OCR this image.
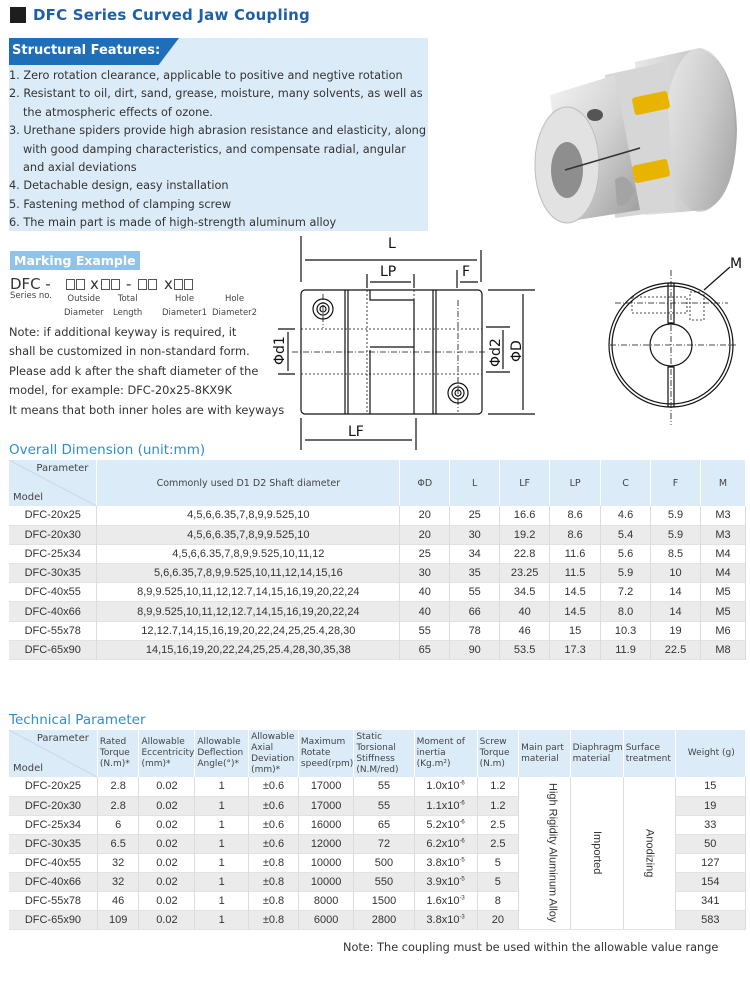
DFC Series Curved Jaw Coupling
Structural Features:
1. Zero rotation clearance, applicable to positive and negtive rotation
2. Resistant to oil, dirt, sand, grease, moisture, many solvents, as well as the atmospheric effects of ozone.
3. Urethane spiders provide high abrasion resistance and elasticity, along with good damping characteristics, and compensate radial, angular and axial deviations
4. Detachable design, easy installation
5. Fastening method of clamping screw
6. The main part is made of high-strength aluminum alloy
Marking Example
DFC -	x - x
Series no.	Outside
Diameter
Total
Length
Hole
Diameter1
Hole
Diameter2
Note: if additional keyway is required, it
shall be customized in non-standard form.
Please add k after the shaft diameter of the
model, for example: DFC-20x25-8KX9K
It means that both inner holes are with keyways
L
LP	F
LF
M
Φd1	Φd2 ΦD
Overall Dimension (unit:mm)
Parameter
Model	Commonly used D1 D2 Shaft diameter	ΦD	L	LF	LP	C	F	M
DFC-20x25	4,5,6,6.35,7,8,9,9.525,10	20	25	16.6	8.6	4.6	5.9	M3
DFC-20x30	4,5,6,6.35,7,8,9,9.525,10	20	30	19.2	8.6	5.4	5.9	M3
DFC-25x34	4,5,6,6.35,7,8,9,9.525,10,11,12	25	34	22.8	11.6	5.6	8.5	M4
DFC-30x35	5,6,6.35,7,8,9,9.525,10,11,12,14,15,16	30	35	23.25	11.5	5.9	10	M4
DFC-40x55	8,9,9.525,10,11,12,12.7,14,15,16,19,20,22,24	40	55	34.5	14.5	7.2	14	M5
DFC-40x66	8,9,9.525,10,11,12,12.7,14,15,16,19,20,22,24	40	66	40	14.5	8.0	14	M5
DFC-55x78	12,12.7,14,15,16,19,20,22,24,25,25.4,28,30	55	78	46	15	10.3	19	M6
DFC-65x90	14,15,16,19,20,22,24,25,25.4,28,30,35,38	65	90	53.5	17.3	11.9	22.5	M8
Technical Parameter
Parameter
Model	Rated Torque (N.m)*	Allowable Eccentricity (mm)*	Allowable Deflection Angle(°)*	Allowable Axial Deviation (mm)*	Maximum Rotate speed(rpm)	Static Torsional Stiffness (N.M/red)	Moment of inertia (Kg.m²)	Screw Torque (N.m)	Main part material	Diaphragm material	Surface treatment	Weight (g)
DFC-20x25	2.8	0.02	1	±0.6	17000	55	$1.0x10^{-6}$	1.2	High Rigidity Aluminum Alloy	Imported	Anodizing	15
DFC-20x30	2.8	0.02	1	±0.6	17000	55	$1.1x10^{-6}$	1.2				19
DFC-25x34	6	0.02	1	±0.6	16000	65	$5.2x10^{-6}$	2.5				33
DFC-30x35	6.5	0.02	1	±0.6	12000	72	$6.2x10^{-6}$	2.5				50
DFC-40x55	32	0.02	1	±0.8	10000	500	$3.8x10^{-5}$	5				127
DFC-40x66	32	0.02	1	±0.8	10000	550	$3.9x10^{-5}$	5				154
DFC-55x78	46	0.02	1	±0.8	8000	1500	$1.6x10^{-3}$	8				341
DFC-65x90	109	0.02	1	±0.8	6000	2800	$3.8x10^{-3}$	20				583
Note: The coupling must be used within the allowable value range
